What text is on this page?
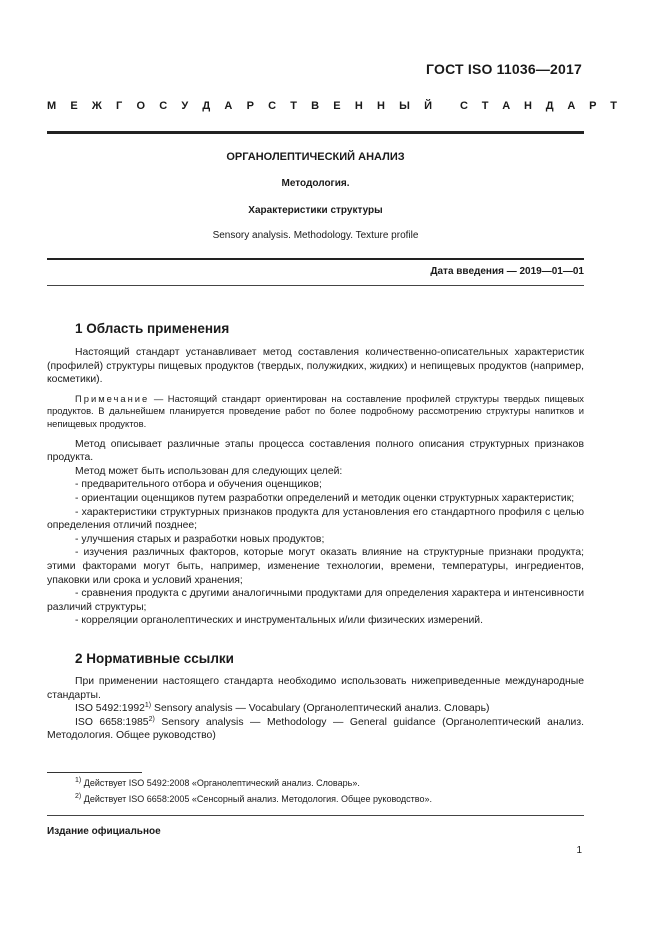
ГОСТ ISO 11036—2017
М Е Ж Г О С У Д А Р С Т В Е Н Н Ы Й	С Т А Н Д А Р Т
ОРГАНОЛЕПТИЧЕСКИЙ АНАЛИЗ
Методология.
Характеристики структуры
Sensory analysis. Methodology. Texture profile
Дата введения — 2019—01—01
1 Область применения

Настоящий стандарт устанавливает метод составления количественно-описательных характеристик (профилей) структуры пищевых продуктов (твердых, полужидких, жидких) и непищевых продуктов (например, косметики).

Примечание — Настоящий стандарт ориентирован на составление профилей структуры твердых пищевых продуктов. В дальнейшем планируется проведение работ по более подробному рассмотрению структуры напитков и непищевых продуктов.

Метод описывает различные этапы процесса составления полного описания структурных признаков продукта.

Метод может быть использован для следующих целей:

- предварительного отбора и обучения оценщиков;

- ориентации оценщиков путем разработки определений и методик оценки структурных характеристик;

- характеристики структурных признаков продукта для установления его стандартного профиля с целью определения отличий позднее;

- улучшения старых и разработки новых продуктов;

- изучения различных факторов, которые могут оказать влияние на структурные признаки продукта; этими факторами могут быть, например, изменение технологии, времени, температуры, ингредиентов, упаковки или срока и условий хранения;

- сравнения продукта с другими аналогичными продуктами для определения характера и интенсивности различий структуры;

- корреляции органолептических и инструментальных и/или физических измерений.

2 Нормативные ссылки

При применении настоящего стандарта необходимо использовать нижеприведенные международные стандарты.

ISO 5492:1992$^{1)}$ Sensory analysis — Vocabulary (Органолептический анализ. Словарь)

ISO 6658:1985$^{2)}$ Sensory analysis — Methodology — General guidance (Органолептический анализ. Методология. Общее руководство)

$^{1)}$ Действует ISO 5492:2008 «Органолептический анализ. Словарь».
$^{2)}$ Действует ISO 6658:2005 «Сенсорный анализ. Методология. Общее руководство».
Издание официальное
1
